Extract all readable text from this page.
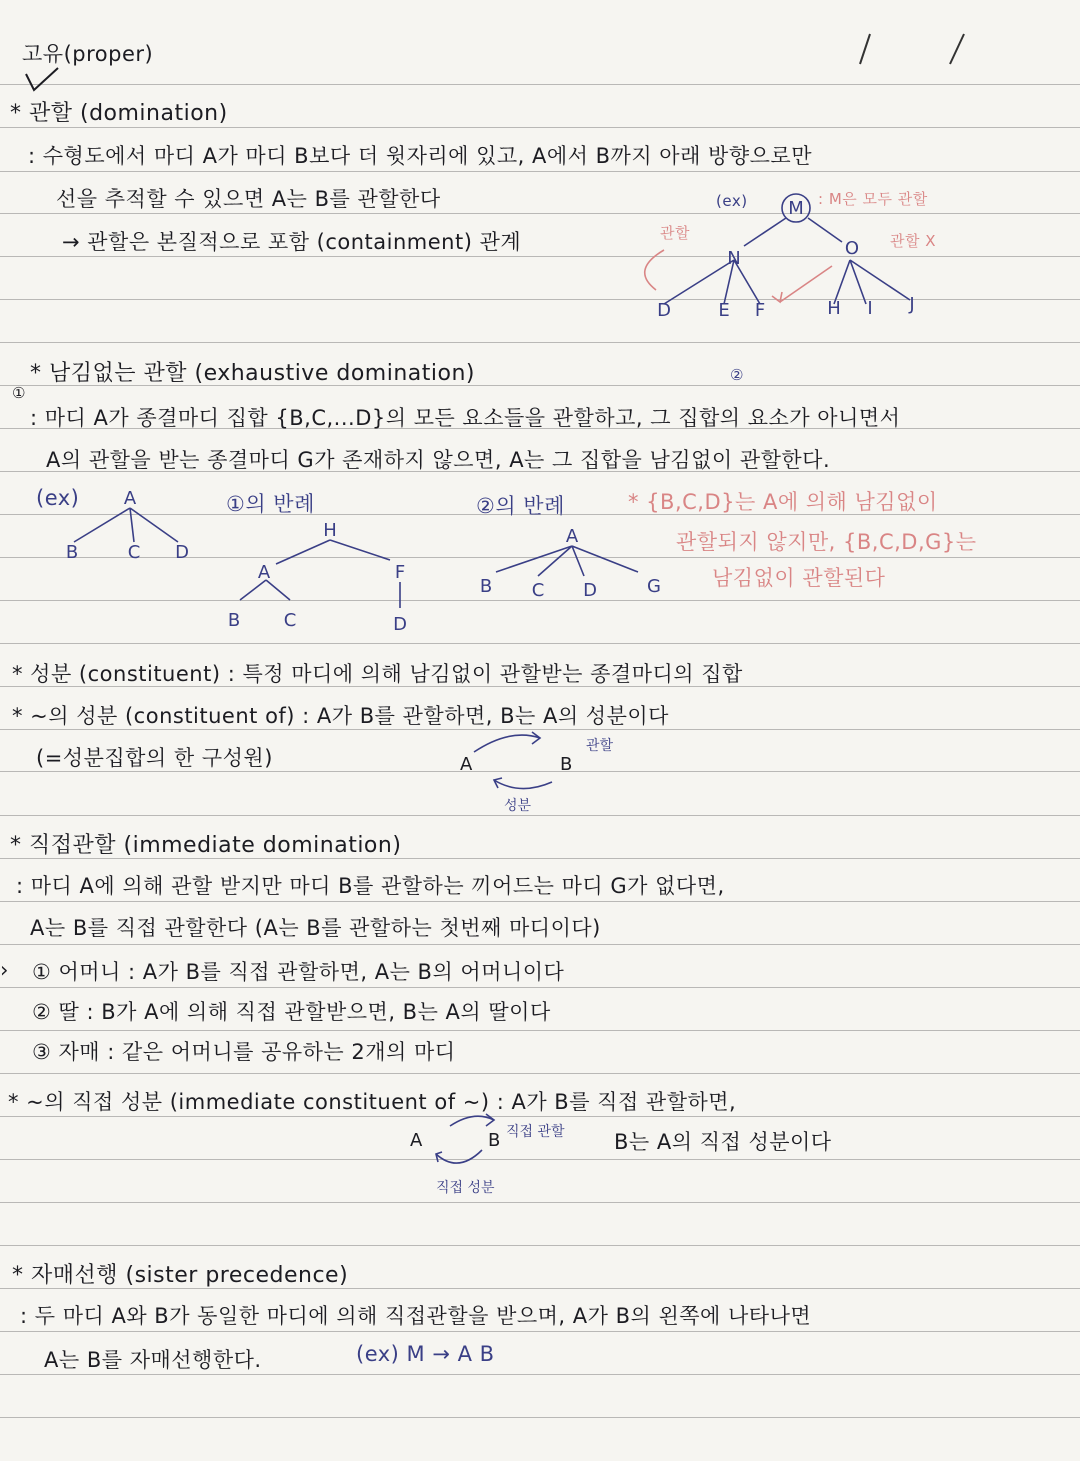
고유(proper)
* 관할 (domination)
: 수형도에서 마디 A가 마디 B보다 더 윗자리에 있고, A에서 B까지 아래 방향으로만
선을 추적할 수 있으면 A는 B를 관할한다
→ 관할은 본질적으로 포함 (containment) 관계
(ex)	: M은 모두 관할
관할	관할 X
M
N	O
D	E F	H I J
* 남김없는 관할 (exhaustive domination)	②
①
: 마디 A가 종결마디 집합 {B,C,...D}의 모든 요소들을 관할하고, 그 집합의 요소가 아니면서
A의 관할을 받는 종결마디 G가 존재하지 않으면, A는 그 집합을 남김없이 관할한다.
(ex)	①의 반례	②의 반례	* {B,C,D}는 A에 의해 남김없이
관할되지 않지만, {B,C,D,G}는
남김없이 관할된다
A
B	C D
H
A	F
B C	D
A
B C D	G
* 성분 (constituent) : 특정 마디에 의해 남김없이 관할받는 종결마디의 집합
* ~의 성분 (constituent of) : A가 B를 관할하면, B는 A의 성분이다
(=성분집합의 한 구성원)	A	B
관할
성분
* 직접관할 (immediate domination)
: 마디 A에 의해 관할 받지만 마디 B를 관할하는 끼어드는 마디 G가 없다면,
A는 B를 직접 관할한다 (A는 B를 관할하는 첫번째 마디이다)
› ① 어머니 : A가 B를 직접 관할하면, A는 B의 어머니이다
② 딸 : B가 A에 의해 직접 관할받으면, B는 A의 딸이다
③ 자매 : 같은 어머니를 공유하는 2개의 마디
* ~의 직접 성분 (immediate constituent of ~) : A가 B를 직접 관할하면,
B는 A의 직접 성분이다
A	B 직접 관할
직접 성분
* 자매선행 (sister precedence)
: 두 마디 A와 B가 동일한 마디에 의해 직접관할을 받으며, A가 B의 왼쪽에 나타나면
A는 B를 자매선행한다.	(ex) M → A B
